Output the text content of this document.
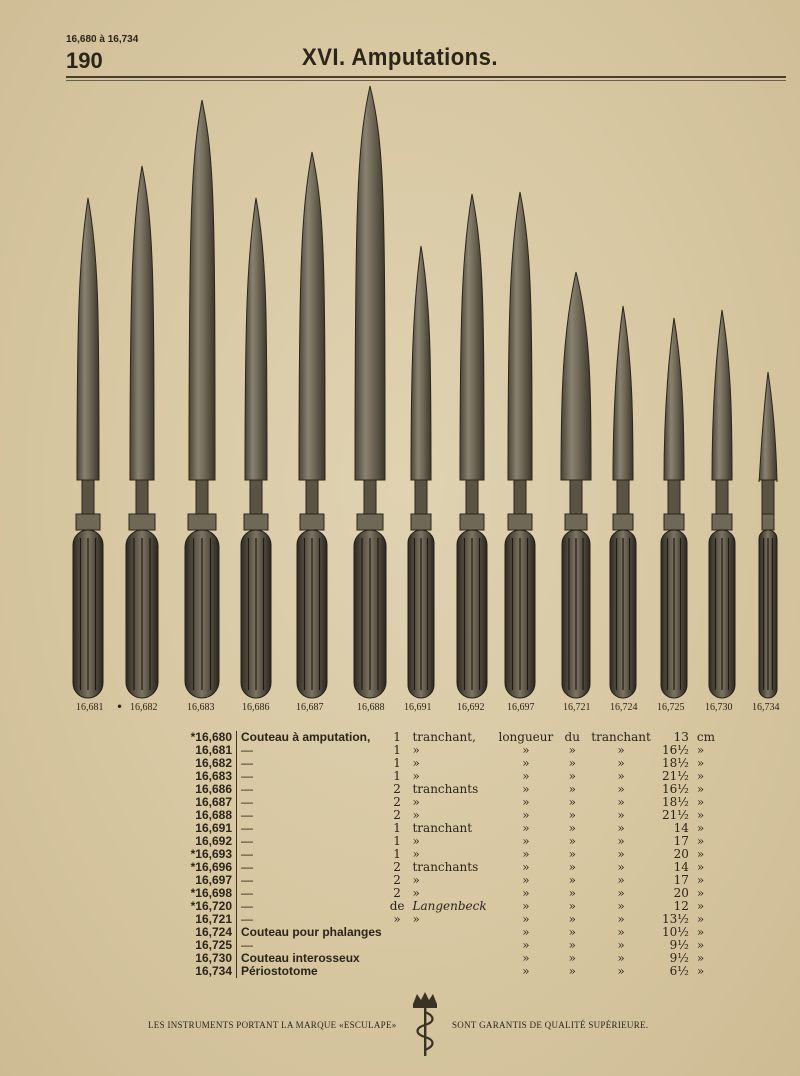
16,680 à 16,734
190	XVI. Amputations.
16,681 • 16,682	16,683	16,686	16,687	16,688 16,691	16,692 16,697	16,721 16,724 16,725 16,730 16,734
*16,680	Couteau à amputation,	1	tranchant,	longueur	du	tranchant	13	cm
16,681	—	1	»	»	»	»	16½	»
16,682	—	1	»	»	»	»	18½	»
16,683	—	1	»	»	»	»	21½	»
16,686	—	2	tranchants	»	»	»	16½	»
16,687	—	2	»	»	»	»	18½	»
16,688	—	2	»	»	»	»	21½	»
16,691	—	1	tranchant	»	»	»	14	»
16,692	—	1	»	»	»	»	17	»
*16,693	—	1	»	»	»	»	20	»
*16,696	—	2	tranchants	»	»	»	14	»
16,697	—	2	»	»	»	»	17	»
*16,698	—	2	»	»	»	»	20	»
*16,720	—	de	Langenbeck	»	»	»	12	»
16,721	—	»	»	»	»	»	13½	»
16,724	Couteau pour phalanges			»	»	»	10½	»
16,725	—			»	»	»	9½	»
16,730	Couteau interosseux			»	»	»	9½	»
16,734	Périostotome			»	»	»	6½	»
LES INSTRUMENTS PORTANT LA MARQUE «ESCULAPE»	SONT GARANTIS DE QUALITÉ SUPÉRIEURE.
